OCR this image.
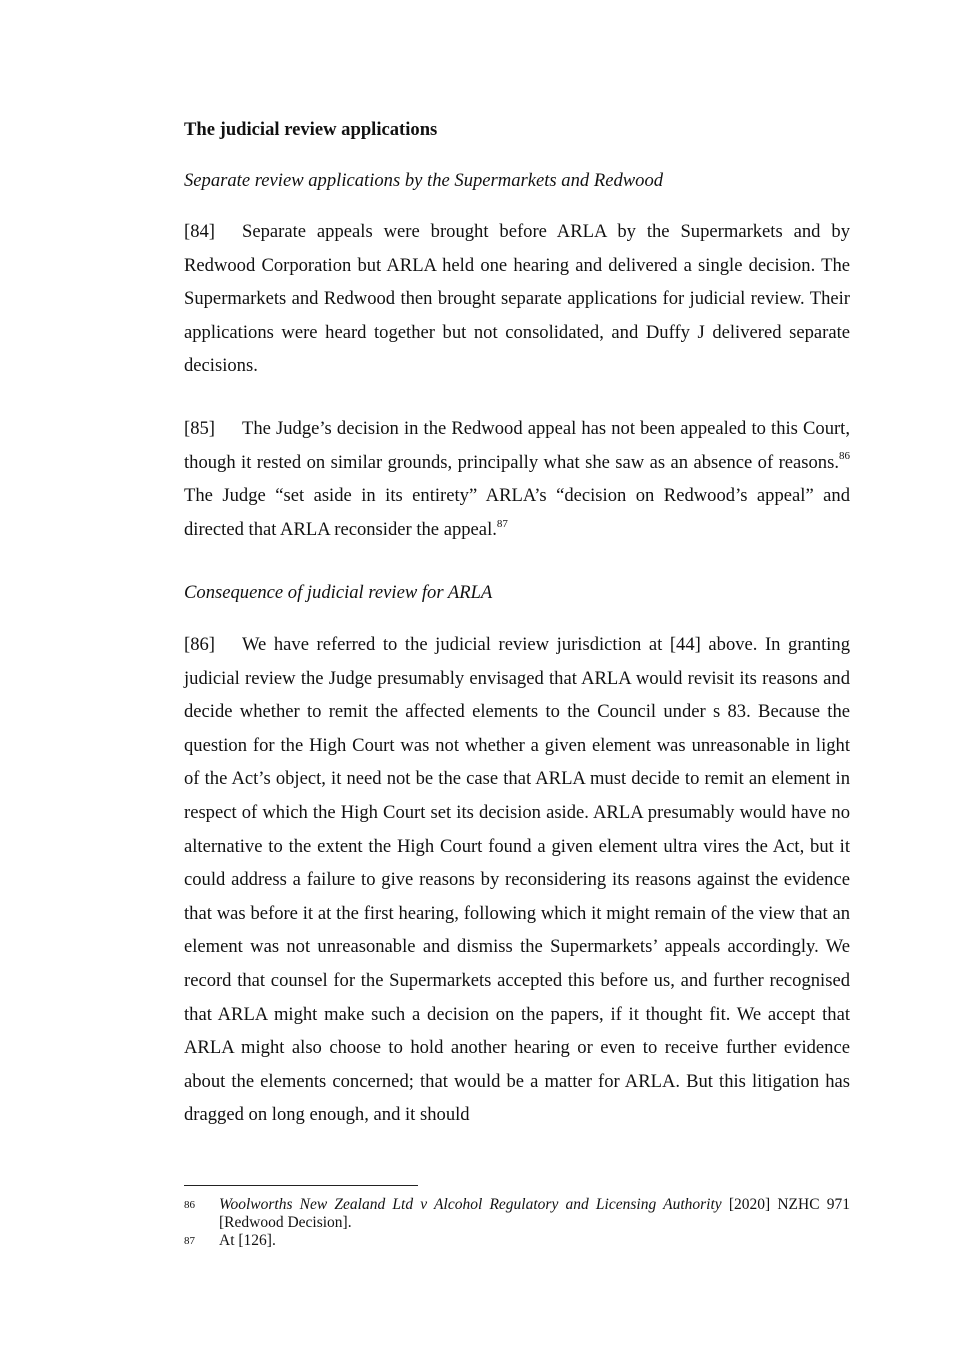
The judicial review applications
Separate review applications by the Supermarkets and Redwood
[84] Separate appeals were brought before ARLA by the Supermarkets and by Redwood Corporation but ARLA held one hearing and delivered a single decision. The Supermarkets and Redwood then brought separate applications for judicial review. Their applications were heard together but not consolidated, and Duffy J delivered separate decisions.
[85] The Judge’s decision in the Redwood appeal has not been appealed to this Court, though it rested on similar grounds, principally what she saw as an absence of reasons.$^{86}$  The Judge “set aside in its entirety” ARLA’s “decision on Redwood’s appeal” and directed that ARLA reconsider the appeal.$^{87}$
Consequence of judicial review for ARLA
[86] We have referred to the judicial review jurisdiction at [44] above. In granting judicial review the Judge presumably envisaged that ARLA would revisit its reasons and decide whether to remit the affected elements to the Council under s 83. Because the question for the High Court was not whether a given element was unreasonable in light of the Act’s object, it need not be the case that ARLA must decide to remit an element in respect of which the High Court set its decision aside. ARLA presumably would have no alternative to the extent the High Court found a given element ultra vires the Act, but it could address a failure to give reasons by reconsidering its reasons against the evidence that was before it at the first hearing, following which it might remain of the view that an element was not unreasonable and dismiss the Supermarkets’ appeals accordingly. We record that counsel for the Supermarkets accepted this before us, and further recognised that ARLA might make such a decision on the papers, if it thought fit. We accept that ARLA might also choose to hold another hearing or even to receive further evidence about the elements concerned; that would be a matter for ARLA. But this litigation has dragged on long enough, and it should
86 Woolworths New Zealand Ltd v Alcohol Regulatory and Licensing Authority [2020] NZHC 971 [Redwood Decision].
87 At [126].
